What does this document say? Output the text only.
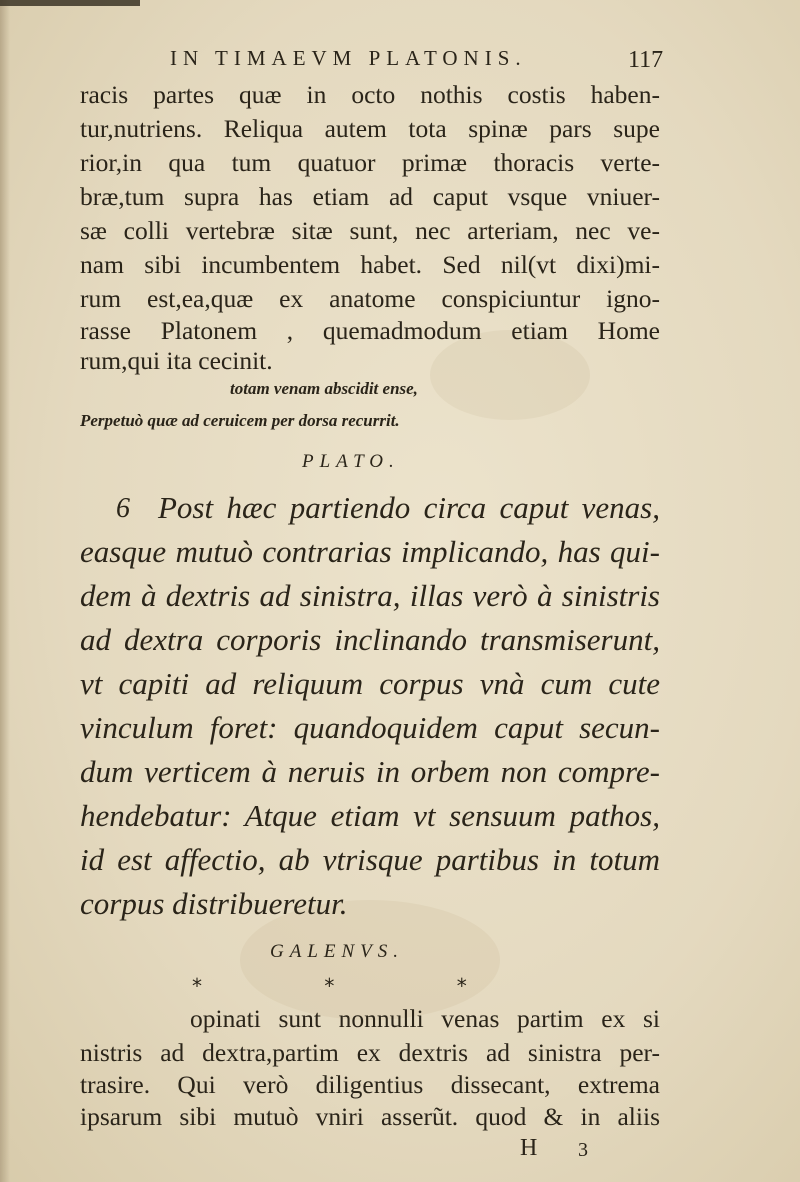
IN TIMAEVM PLATONIS.	117
racis partes quæ in octo nothis costis haben-
tur,nutriens. Reliqua autem tota spinæ pars supe
rior,in qua tum quatuor primæ thoracis verte-
bræ,tum supra has etiam ad caput vsque vniuer-
sæ colli vertebræ sitæ sunt, nec arteriam, nec ve-
nam sibi incumbentem habet. Sed nil(vt dixi)mi-
rum est,ea,quæ ex anatome conspiciuntur igno-
rasse Platonem , quemadmodum etiam Home
rum,qui ita cecinit.
totam venam abscidit ense,
Perpetuò quæ ad ceruicem per dorsa recurrit.
PLATO.
6 Post hæc partiendo circa caput venas,
easque mutuò contrarias implicando, has qui-
dem à dextris ad sinistra, illas verò à sinistris
ad dextra corporis inclinando transmiserunt,
vt capiti ad reliquum corpus vnà cum cute
vinculum foret: quandoquidem caput secun-
dum verticem à neruis in orbem non compre-
hendebatur: Atque etiam vt sensuum pathos,
id est affectio, ab vtrisque partibus in totum
corpus distribueretur.
GALENVS.
* * *
opinati sunt nonnulli venas partim ex si
nistris ad dextra,partim ex dextris ad sinistra per-
trasire. Qui verò diligentius dissecant, extrema
ipsarum sibi mutuò vniri asserũt. quod & in aliis
H 3
